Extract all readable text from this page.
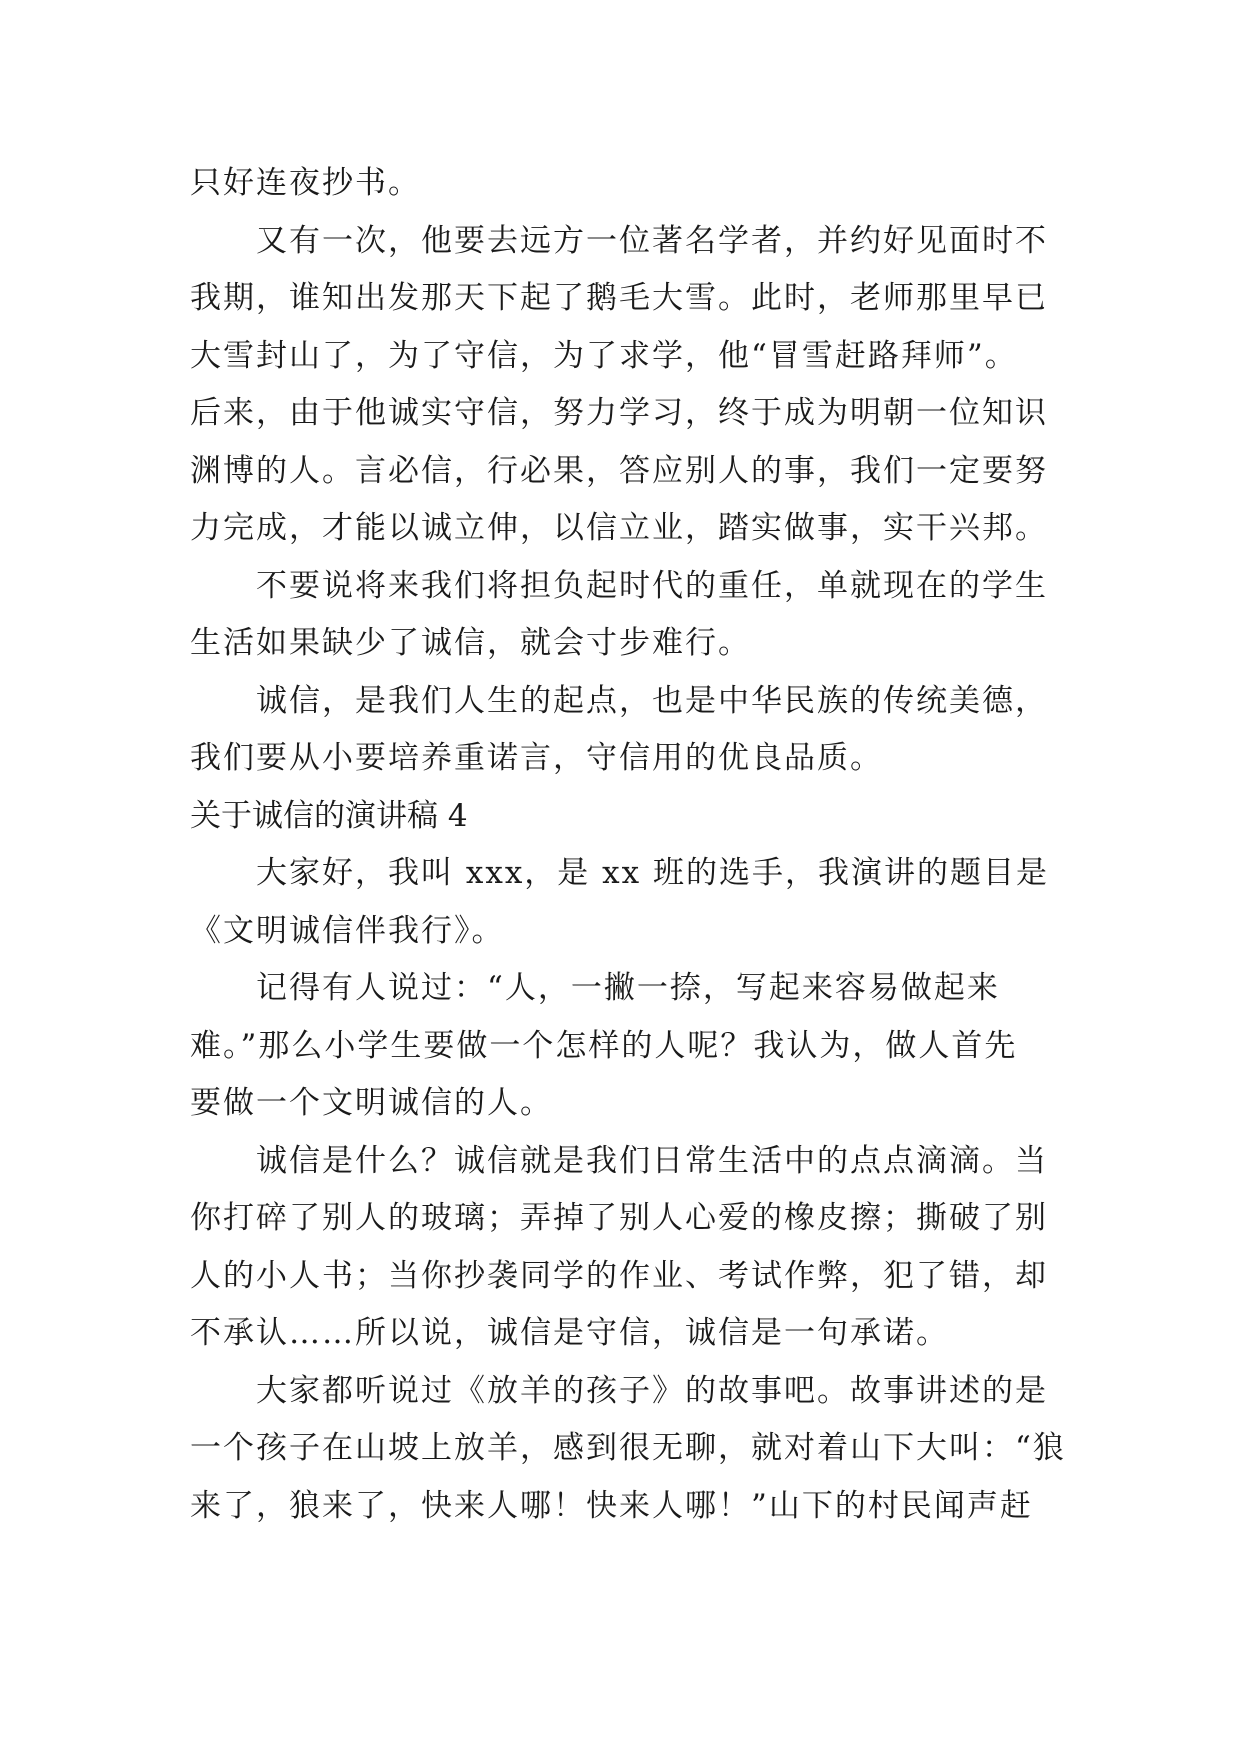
只好连夜抄书。
又有一次，他要去远方一位著名学者，并约好见面时不
我期，谁知出发那天下起了鹅毛大雪。此时，老师那里早已
大雪封山了，为了守信，为了求学，他“冒雪赶路拜师”。
后来，由于他诚实守信，努力学习，终于成为明朝一位知识
渊博的人。言必信，行必果，答应别人的事，我们一定要努
力完成，才能以诚立伸，以信立业，踏实做事，实干兴邦。
不要说将来我们将担负起时代的重任，单就现在的学生
生活如果缺少了诚信，就会寸步难行。
诚信，是我们人生的起点，也是中华民族的传统美德，
我们要从小要培养重诺言，守信用的优良品质。
关于诚信的演讲稿 4
大家好，我叫 xxx，是 xx 班的选手，我演讲的题目是
《文明诚信伴我行》。
记得有人说过：“人，一撇一捺，写起来容易做起来
难。”那么小学生要做一个怎样的人呢？我认为，做人首先
要做一个文明诚信的人。
诚信是什么？诚信就是我们日常生活中的点点滴滴。当
你打碎了别人的玻璃；弄掉了别人心爱的橡皮擦；撕破了别
人的小人书；当你抄袭同学的作业、考试作弊，犯了错，却
不承认……所以说，诚信是守信，诚信是一句承诺。
大家都听说过《放羊的孩子》的故事吧。故事讲述的是
一个孩子在山坡上放羊，感到很无聊，就对着山下大叫：“狼
来了，狼来了，快来人哪！快来人哪！”山下的村民闻声赶
